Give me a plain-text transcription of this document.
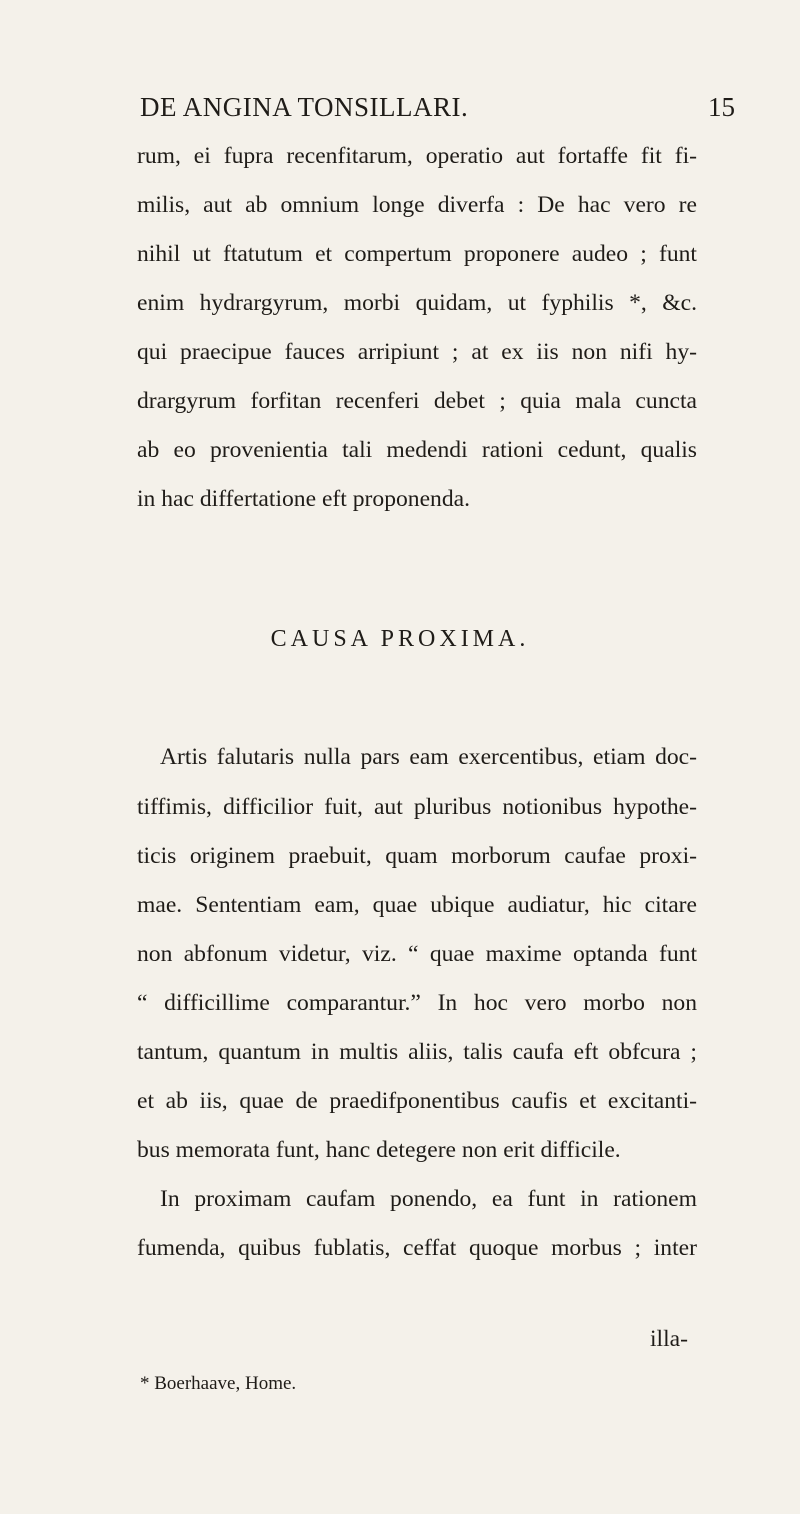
DE ANGINA TONSILLARI.	15
rum, ei fupra recenfitarum, operatio aut fortaffe fit fi-
milis, aut ab omnium longe diverfa : De hac vero re
nihil ut ftatutum et compertum proponere audeo ; funt
enim hydrargyrum, morbi quidam, ut fyphilis *, &c.
qui praecipue fauces arripiunt ; at ex iis non nifi hy-
drargyrum forfitan recenferi debet ; quia mala cuncta
ab eo provenientia tali medendi rationi cedunt, qualis
in hac differtatione eft proponenda.
CAUSA PROXIMA.
Artis falutaris nulla pars eam exercentibus, etiam doc-
tiffimis, difficilior fuit, aut pluribus notionibus hypothe-
ticis originem praebuit, quam morborum caufae proxi-
mae. Sententiam eam, quae ubique audiatur, hic citare
non abfonum videtur, viz. “ quae maxime optanda funt
“ difficillime comparantur.” In hoc vero morbo non
tantum, quantum in multis aliis, talis caufa eft obfcura ;
et ab iis, quae de praedifponentibus caufis et excitanti-
bus memorata funt, hanc detegere non erit difficile.
In proximam caufam ponendo, ea funt in rationem
fumenda, quibus fublatis, ceffat quoque morbus ; inter
illa-
* Boerhaave, Home.
